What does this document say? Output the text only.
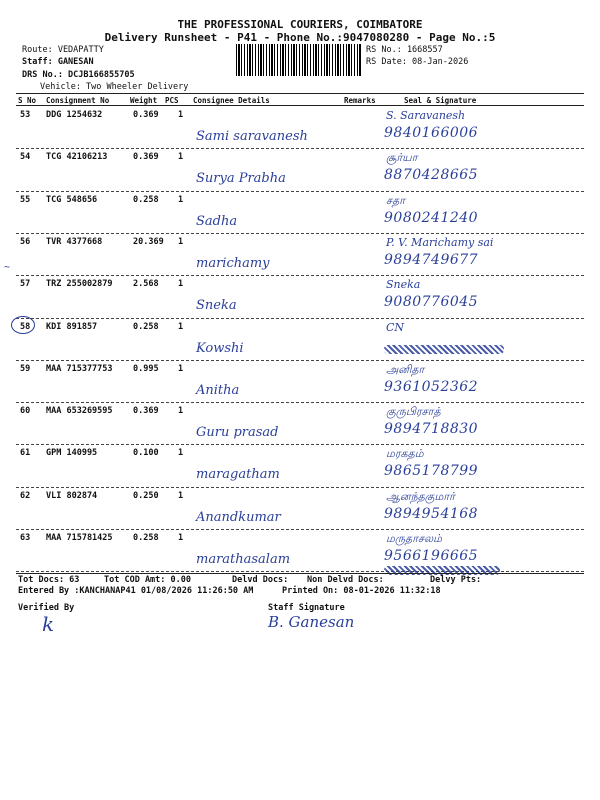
THE PROFESSIONAL COURIERS, COIMBATORE
Delivery Runsheet - P41 - Phone No.:9047080280 - Page No.:5
Route: VEDAPATTY
Staff: GANESAN
DRS No.: DCJB166855705
Vehicle: Two Wheeler Delivery
RS No.: 1668557
RS Date: 08-Jan-2026
S No Consignment No	Weight PCS Consignee Details	Remarks	Seal & Signature
53 DDG 1254632	0.369 1
Sami saravanesh
S. Saravanesh
9840166006
54 TCG 42106213	0.369 1
Surya Prabha
சூர்யா
8870428665
55 TCG 548656	0.258 1
Sadha
சதா
9080241240
56 TVR 4377668	20.369 1
marichamy
P. V. Marichamy sai
9894749677
57 TRZ 255002879 2.568 1
Sneka
Sneka
9080776045
58 KDI 891857	0.258 1
Kowshi
CN
59 MAA 715377753 0.995 1
Anitha
அனிதா
9361052362
60 MAA 653269595 0.369 1
Guru prasad
குருபிரசாத்
9894718830
61 GPM 140995	0.100 1
maragatham
மரகதம்
9865178799
62 VLI 802874	0.250 1
Anandkumar
ஆனந்தகுமார்
9894954168
63 MAA 715781425 0.258 1
marathasalam
மருதாசலம்
9566196665
~
Tot Docs: 63	Tot COD Amt: 0.00	Delvd Docs: Non Delvd Docs:	Delvy Pts:
Entered By :KANCHANAP41 01/08/2026 11:26:50 AM	Printed On: 08-01-2026 11:32:18
Verified By	Staff Signature
k	B. Ganesan
